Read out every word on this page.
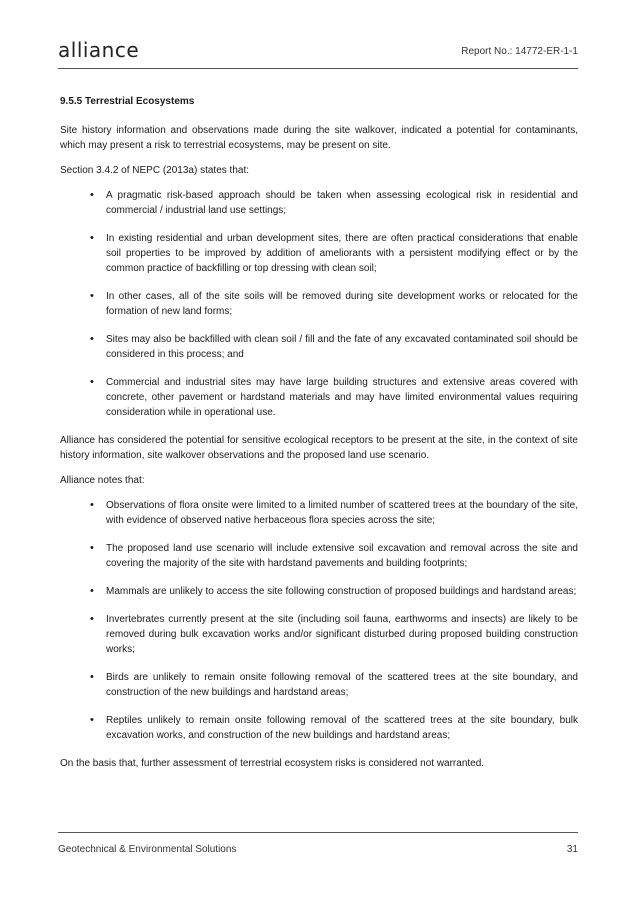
alliance	Report No.: 14772-ER-1-1
9.5.5 Terrestrial Ecosystems

Site history information and observations made during the site walkover, indicated a potential for contaminants, which may present a risk to terrestrial ecosystems, may be present on site.

Section 3.4.2 of NEPC (2013a) states that:

• A pragmatic risk-based approach should be taken when assessing ecological risk in residential and commercial / industrial land use settings;
• In existing residential and urban development sites, there are often practical considerations that enable soil properties to be improved by addition of ameliorants with a persistent modifying effect or by the common practice of backfilling or top dressing with clean soil;
• In other cases, all of the site soils will be removed during site development works or relocated for the formation of new land forms;
• Sites may also be backfilled with clean soil / fill and the fate of any excavated contaminated soil should be considered in this process; and
• Commercial and industrial sites may have large building structures and extensive areas covered with concrete, other pavement or hardstand materials and may have limited environmental values requiring consideration while in operational use.

Alliance has considered the potential for sensitive ecological receptors to be present at the site, in the context of site history information, site walkover observations and the proposed land use scenario.

Alliance notes that:

• Observations of flora onsite were limited to a limited number of scattered trees at the boundary of the site, with evidence of observed native herbaceous flora species across the site;
• The proposed land use scenario will include extensive soil excavation and removal across the site and covering the majority of the site with hardstand pavements and building footprints;
• Mammals are unlikely to access the site following construction of proposed buildings and hardstand areas;
• Invertebrates currently present at the site (including soil fauna, earthworms and insects) are likely to be removed during bulk excavation works and/or significant disturbed during proposed building construction works;
• Birds are unlikely to remain onsite following removal of the scattered trees at the site boundary, and construction of the new buildings and hardstand areas;
• Reptiles unlikely to remain onsite following removal of the scattered trees at the site boundary, bulk excavation works, and construction of the new buildings and hardstand areas;

On the basis that, further assessment of terrestrial ecosystem risks is considered not warranted.

Geotechnical & Environmental Solutions	31
